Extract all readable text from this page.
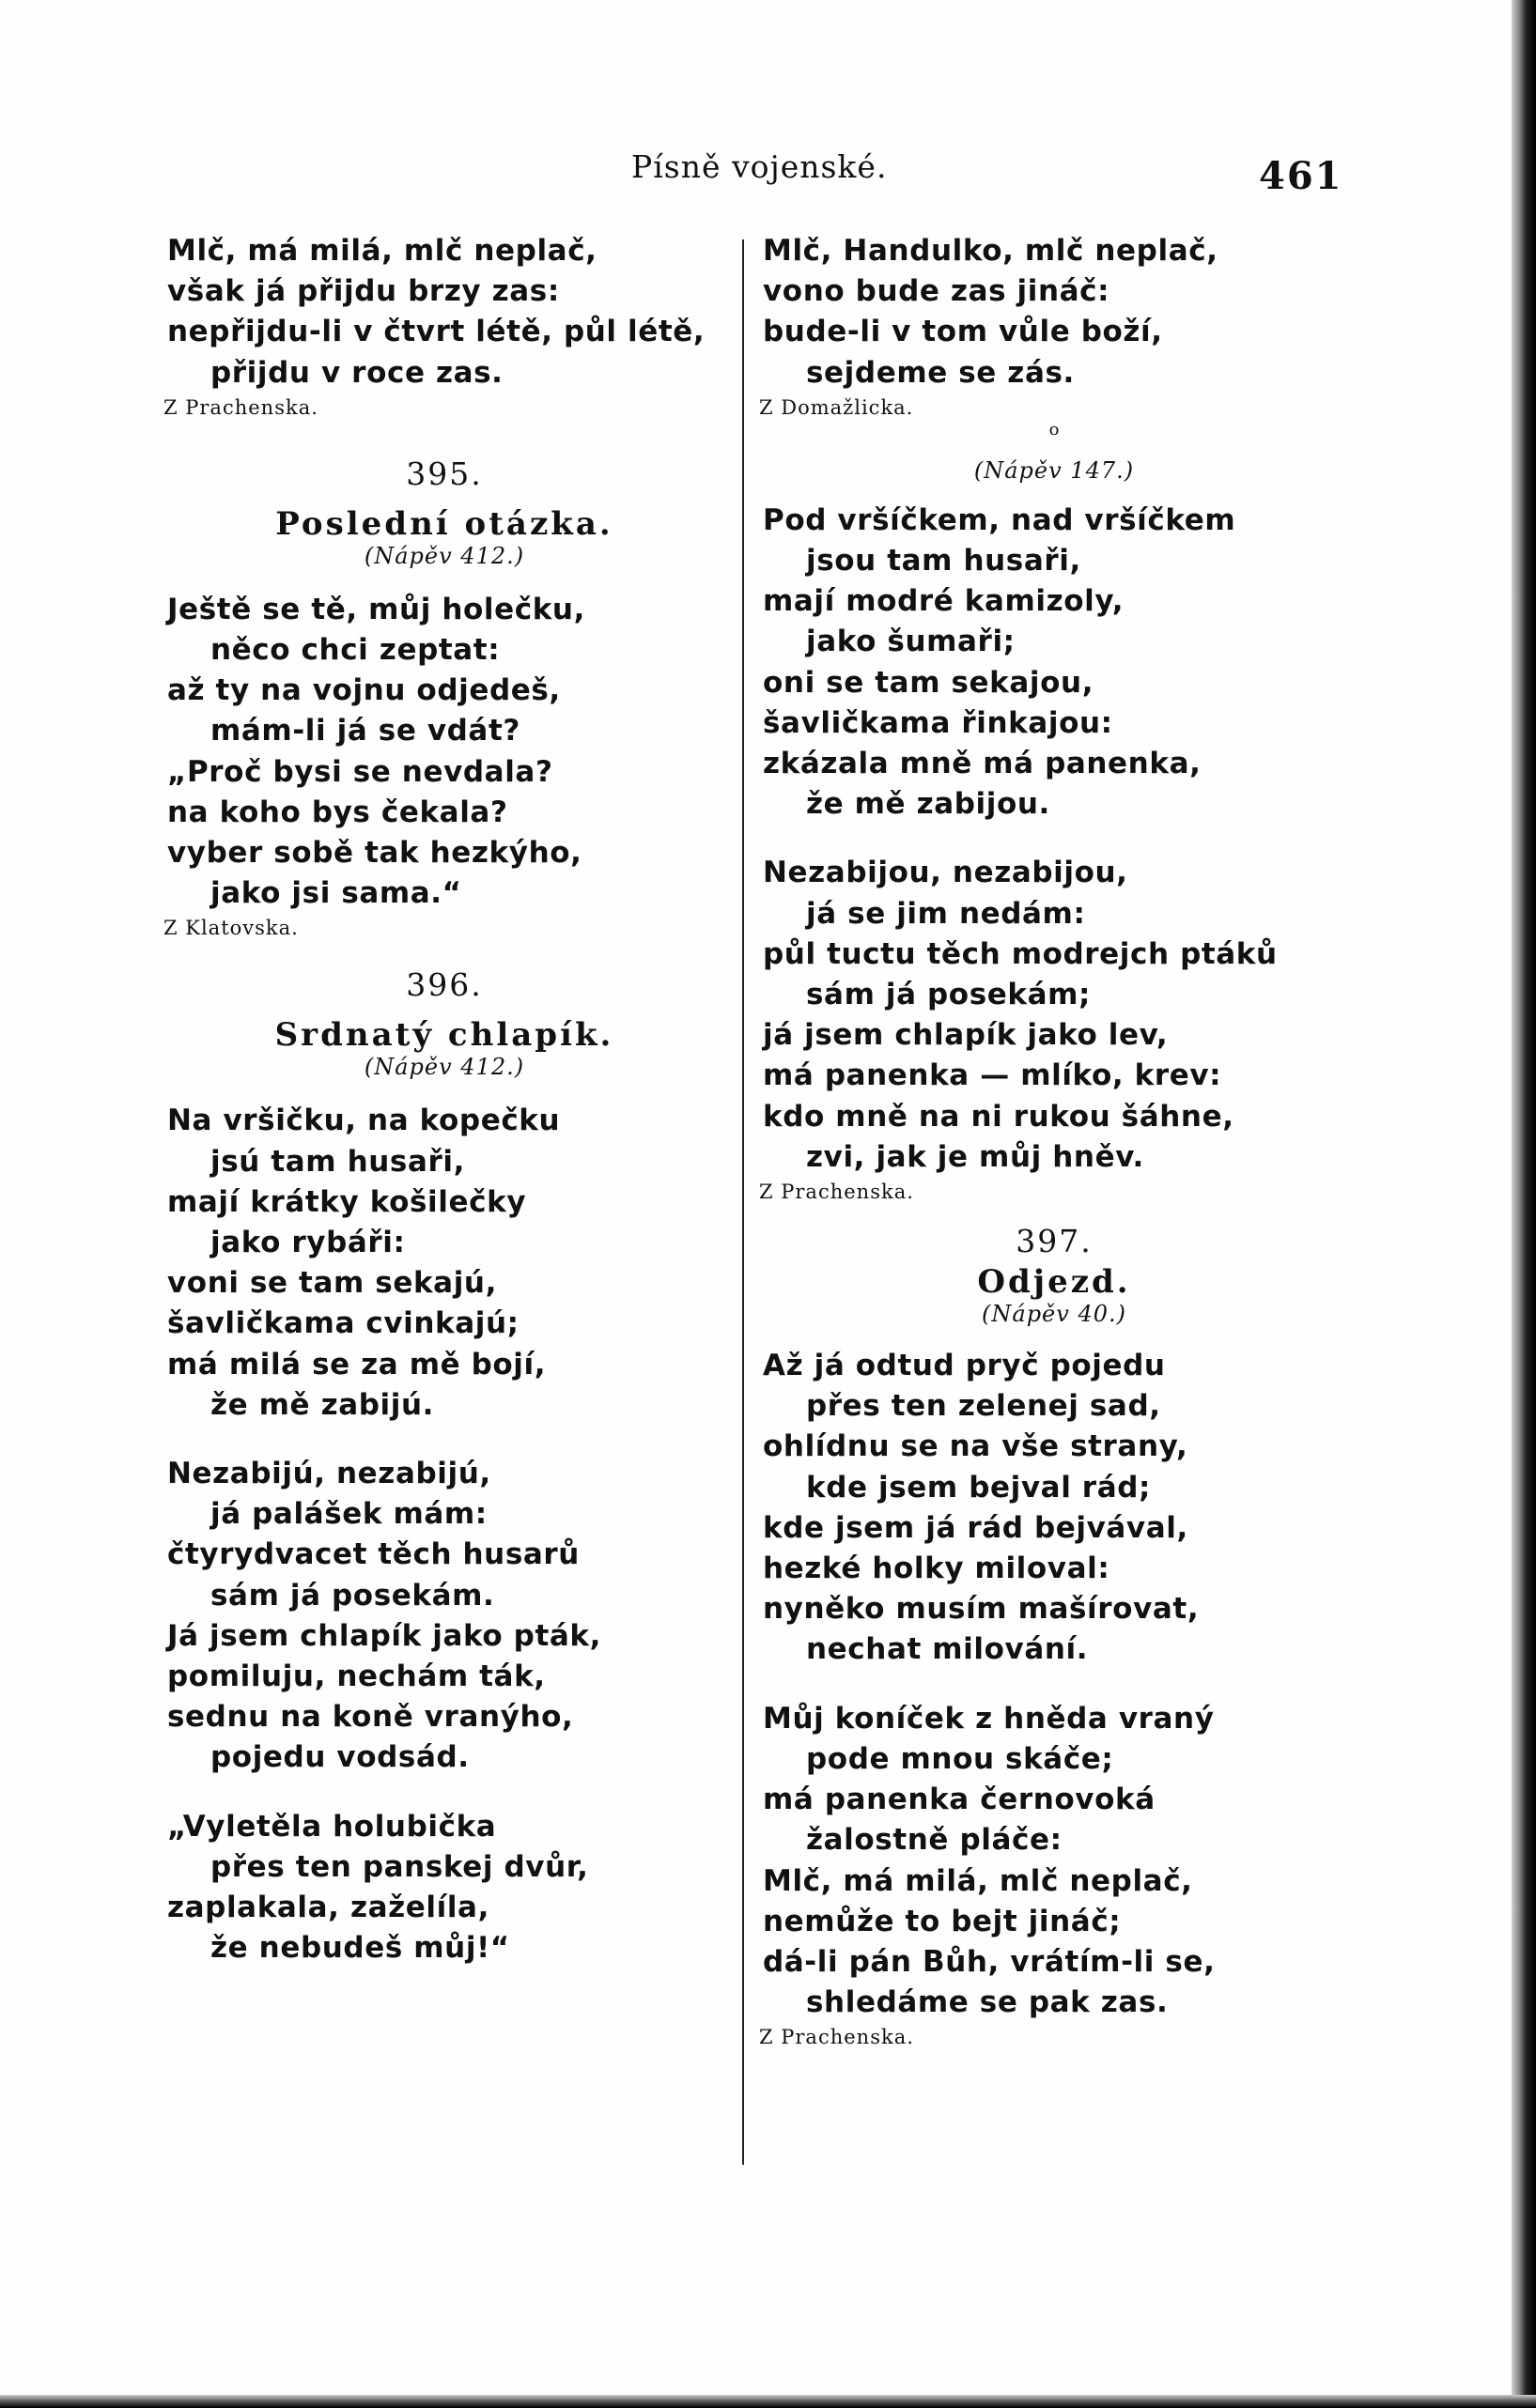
Písně vojenské.	461
Mlč, má milá, mlč neplač,
však já přijdu brzy zas:
nepřijdu-li v čtvrt létě, půl létě,
přijdu v roce zas.
Z Prachenska.
395.
Poslední otázka.
(Nápěv 412.)
Ještě se tě, můj holečku,
něco chci zeptat:
až ty na vojnu odjedeš,
mám-li já se vdát?
„Proč bysi se nevdala?
na koho bys čekala?
vyber sobě tak hezkýho,
jako jsi sama.“
Z Klatovska.
396.
Srdnatý chlapík.
(Nápěv 412.)
Na vršičku, na kopečku
jsú tam husaři,
mají krátky košilečky
jako rybáři:
voni se tam sekajú,
šavličkama cvinkajú;
má milá se za mě bojí,
že mě zabijú.
Nezabijú, nezabijú,
já palášek mám:
čtyrydvacet těch husarů
sám já posekám.
Já jsem chlapík jako pták,
pomiluju, nechám ták,
sednu na koně vranýho,
pojedu vodsád.
„Vyletěla holubička
přes ten panskej dvůr,
zaplakala, zaželíla,
že nebudeš můj!“
Mlč, Handulko, mlč neplač,
vono bude zas jináč:
bude-li v tom vůle boží,
sejdeme se zás.
Z Domažlicka.
o
(Nápěv 147.)
Pod vršíčkem, nad vršíčkem
jsou tam husaři,
mají modré kamizoly,
jako šumaři;
oni se tam sekajou,
šavličkama řinkajou:
zkázala mně má panenka,
že mě zabijou.
Nezabijou, nezabijou,
já se jim nedám:
půl tuctu těch modrejch ptáků
sám já posekám;
já jsem chlapík jako lev,
má panenka — mlíko, krev:
kdo mně na ni rukou šáhne,
zvi, jak je můj hněv.
Z Prachenska.
397.
Odjezd.
(Nápěv 40.)
Až já odtud pryč pojedu
přes ten zelenej sad,
ohlídnu se na vše strany,
kde jsem bejval rád;
kde jsem já rád bejvával,
hezké holky miloval:
nyněko musím mašírovat,
nechat milování.
Můj koníček z hněda vraný
pode mnou skáče;
má panenka černovoká
žalostně pláče:
Mlč, má milá, mlč neplač,
nemůže to bejt jináč;
dá-li pán Bůh, vrátím-li se,
shledáme se pak zas.
Z Prachenska.
